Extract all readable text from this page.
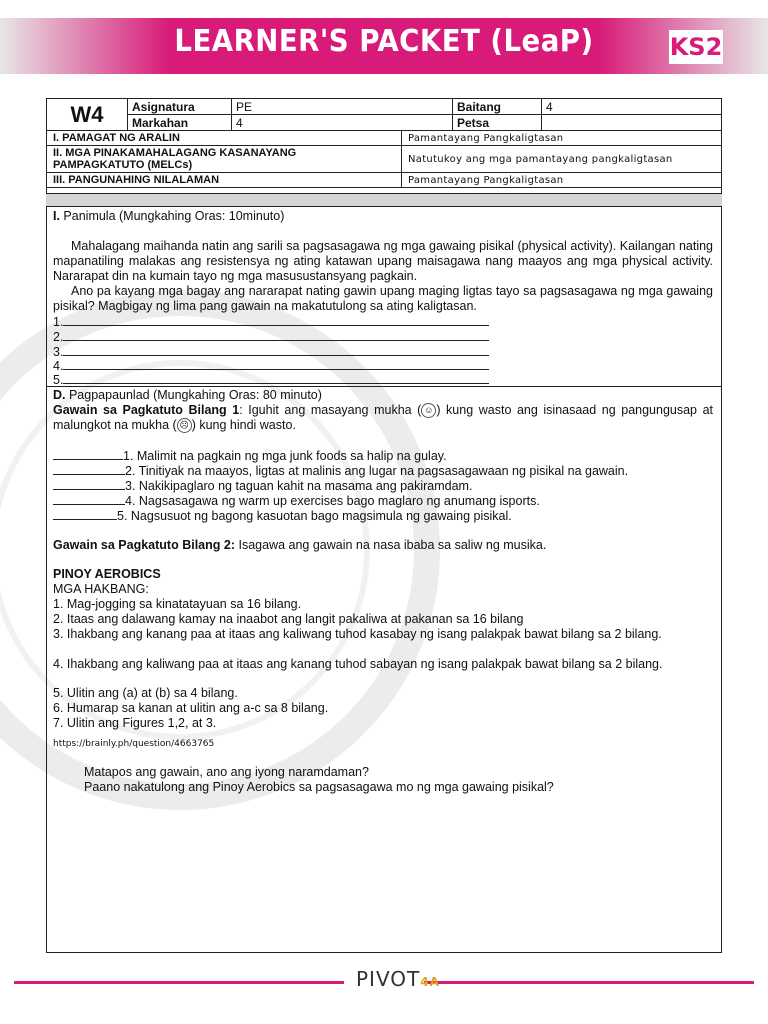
LEARNER'S PACKET (LeaP)	KS2
W4	Asignatura	PE	Baitang	4
	Markahan	4	Petsa	
I. PAMAGAT NG ARALIN	Pamantayang Pangkaligtasan
II. MGA PINAKAMAHALAGANG KASANAYANG
PAMPAGKATUTO (MELCs)	Natutukoy ang mga pamantayang pangkaligtasan
III. PANGUNAHING NILALAMAN	Pamantayang Pangkaligtasan
I. Panimula (Mungkahing Oras: 10minuto)
Mahalagang maihanda natin ang sarili sa pagsasagawa ng mga gawaing pisikal (physical activity). Kailangan nating mapanatiling malakas ang resistensya ng ating katawan upang maisagawa nang maayos ang mga physical activity. Nararapat din na kumain tayo ng mga masusustansyang pagkain.
Ano pa kayang mga bagay ang nararapat nating gawin upang maging ligtas tayo sa pagsasagawa ng mga gawaing pisikal? Magbigay ng lima pang gawain na makatutulong sa ating kaligtasan.
1.
2.
3.
4.
5.
D. Pagpapaunlad (Mungkahing Oras: 80 minuto)
Gawain sa Pagkatuto Bilang 1: Iguhit ang masayang mukha ( ☺ ) kung wasto ang isinasaad ng pangungusap at malungkot na mukha ( ☹ ) kung hindi wasto.
1. Malimit na pagkain ng mga junk foods sa halip na gulay.
2. Tinitiyak na maayos, ligtas at malinis ang lugar na pagsasagawaan ng pisikal na gawain.
3. Nakikipaglaro ng taguan kahit na masama ang pakiramdam.
4. Nagsasagawa ng warm up exercises bago maglaro ng anumang isports.
5. Nagsusuot ng bagong kasuotan bago magsimula ng gawaing pisikal.
Gawain sa Pagkatuto Bilang 2: Isagawa ang gawain na nasa ibaba sa saliw ng musika.
PINOY AEROBICS
MGA HAKBANG:
1. Mag-jogging sa kinatatayuan sa 16 bilang.
2. Itaas ang dalawang kamay na inaabot ang langit pakaliwa at pakanan sa 16 bilang
3. Ihakbang ang kanang paa at itaas ang kaliwang tuhod kasabay ng isang palakpak bawat bilang sa 2 bilang.
4. Ihakbang ang kaliwang paa at itaas ang kanang tuhod sabayan ng isang palakpak bawat bilang sa 2 bilang.
5. Ulitin ang (a) at (b) sa 4 bilang.
6. Humarap sa kanan at ulitin ang a-c sa 8 bilang.
7. Ulitin ang Figures 1,2, at 3.
https://brainly.ph/question/4663765
Matapos ang gawain, ano ang iyong naramdaman?
Paano nakatulong ang Pinoy Aerobics sa pagsasagawa mo ng mga gawaing pisikal?
PIVOT4A
